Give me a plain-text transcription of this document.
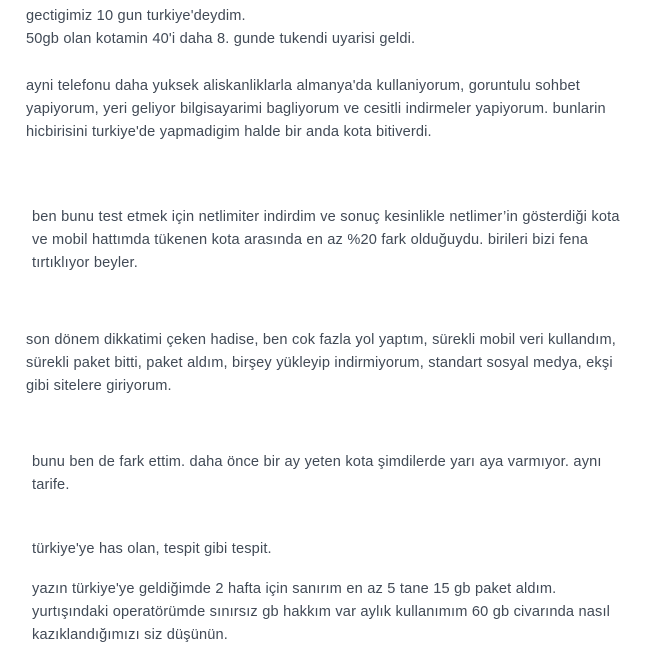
gectigimiz 10 gun turkiye'deydim.
50gb olan kotamin 40'i daha 8. gunde tukendi uyarisi geldi.

ayni telefonu daha yuksek aliskanliklarla almanya'da kullaniyorum, goruntulu sohbet yapiyorum, yeri geliyor bilgisayarimi bagliyorum ve cesitli indirmeler yapiyorum. bunlarin hicbirisini turkiye'de yapmadigim halde bir anda kota bitiverdi.

ben bunu test etmek için netlimiter indirdim ve sonuç kesinlikle netlimer’in gösterdiği kota ve mobil hattımda tükenen kota arasında en az %20 fark olduğuydu. birileri bizi fena tırtıklıyor beyler.

son dönem dikkatimi çeken hadise, ben cok fazla yol yaptım, sürekli mobil veri kullandım, sürekli paket bitti, paket aldım, birşey yükleyip indirmiyorum, standart sosyal medya, ekşi gibi sitelere giriyorum.

bunu ben de fark ettim. daha önce bir ay yeten kota şimdilerde yarı aya varmıyor. aynı tarife.

türkiye'ye has olan, tespit gibi tespit.

yazın türkiye'ye geldiğimde 2 hafta için sanırım en az 5 tane 15 gb paket aldım. yurtışındaki operatörümde sınırsız gb hakkım var aylık kullanımım 60 gb civarında nasıl kazıklandığımızı siz düşünün.
